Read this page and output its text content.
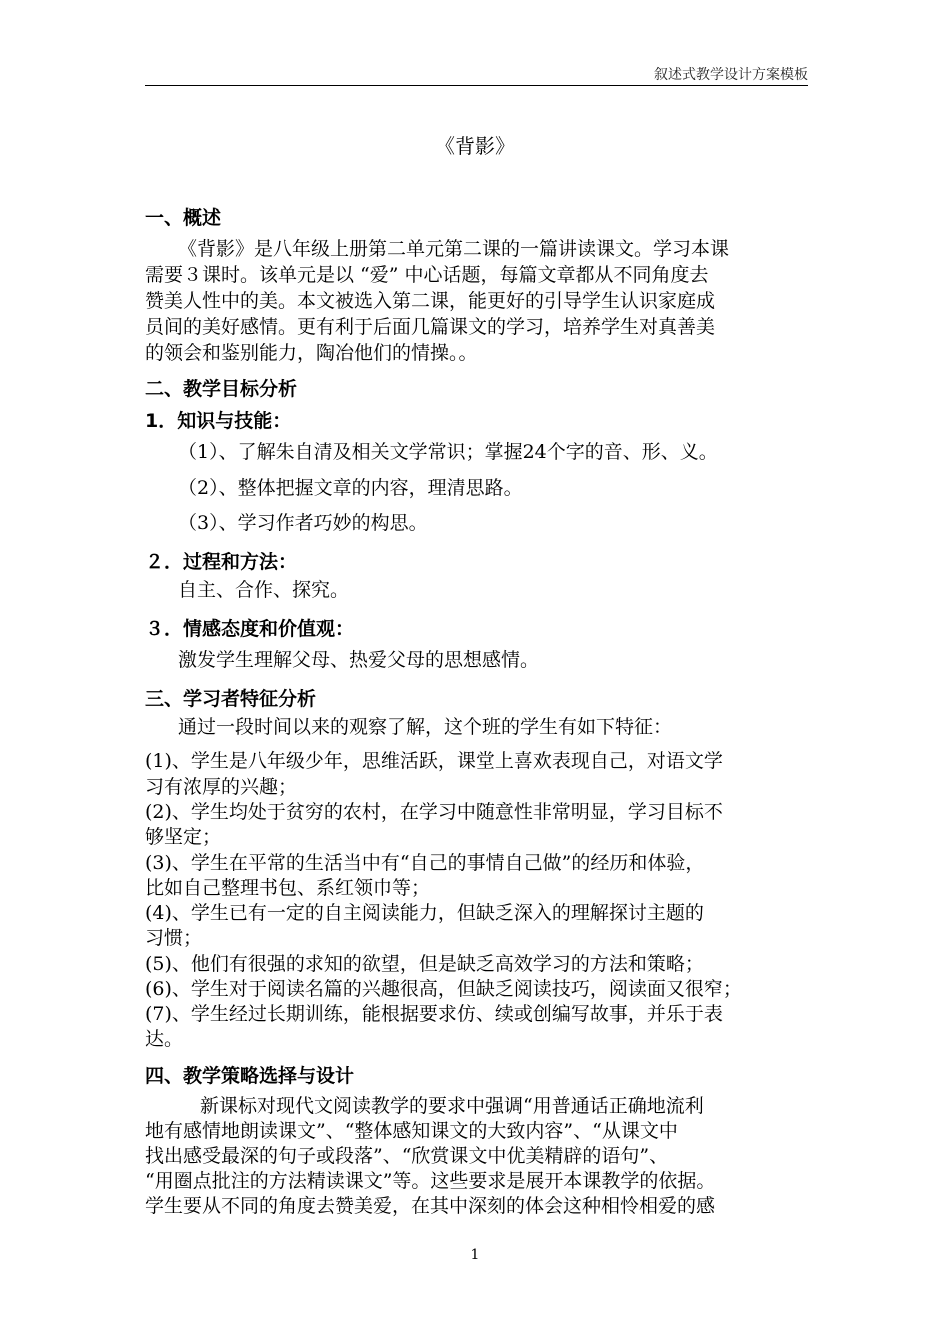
叙述式教学设计方案模板
《背影》
一、概述
《背影》是八年级上册第二单元第二课的一篇讲读课文。学习本课
需要３课时。该单元是以 “爱” 中心话题，每篇文章都从不同角度去
赞美人性中的美。本文被选入第二课，能更好的引导学生认识家庭成
员间的美好感情。更有利于后面几篇课文的学习，培养学生对真善美
的领会和鉴别能力，陶冶他们的情操。。
二、教学目标分析
1．知识与技能：
（1）、了解朱自清及相关文学常识；掌握24个字的音、形、义。
（2）、整体把握文章的内容，理清思路。
（3）、学习作者巧妙的构思。
２．过程和方法：
自主、合作、探究。
３．情感态度和价值观：
激发学生理解父母、热爱父母的思想感情。
三、学习者特征分析
通过一段时间以来的观察了解，这个班的学生有如下特征：
(1)、学生是八年级少年，思维活跃，课堂上喜欢表现自己，对语文学
习有浓厚的兴趣；
(2)、学生均处于贫穷的农村，在学习中随意性非常明显，学习目标不
够坚定；
(3)、学生在平常的生活当中有“自己的事情自己做”的经历和体验，
比如自己整理书包、系红领巾等；
(4)、学生已有一定的自主阅读能力，但缺乏深入的理解探讨主题的
习惯；
(5)、他们有很强的求知的欲望，但是缺乏高效学习的方法和策略；
(6)、学生对于阅读名篇的兴趣很高，但缺乏阅读技巧，阅读面又很窄；
(7)、学生经过长期训练，能根据要求仿、续或创编写故事，并乐于表
达。
四、教学策略选择与设计
新课标对现代文阅读教学的要求中强调“用普通话正确地流利
地有感情地朗读课文”、“整体感知课文的大致内容”、“从课文中
找出感受最深的句子或段落”、“欣赏课文中优美精辟的语句”、
“用圈点批注的方法精读课文”等。这些要求是展开本课教学的依据。
学生要从不同的角度去赞美爱，在其中深刻的体会这种相怜相爱的感
1
